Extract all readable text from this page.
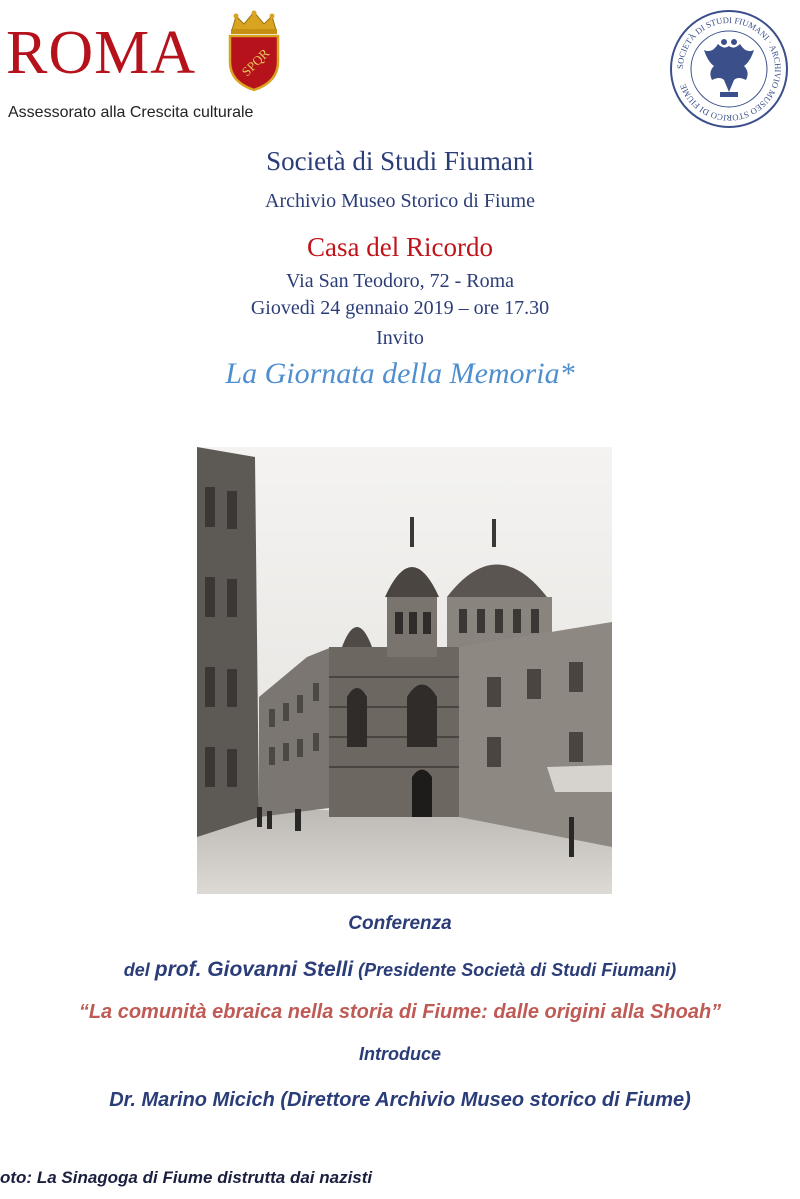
ROMA	SPQR
Assessorato alla Crescita culturale
SOCIETÀ DI STUDI FIUMANI · ARCHIVIO MUSEO STORICO DI FIUME
Società di Studi Fiumani
Archivio Museo Storico di Fiume
Casa del Ricordo
Via San Teodoro, 72 - Roma
Giovedì 24 gennaio 2019 – ore 17.30
Invito
La Giornata della Memoria*
Conferenza
del prof. Giovanni Stelli (Presidente Società di Studi Fiumani)
“La comunità ebraica nella storia di Fiume: dalle origini alla Shoah”
Introduce
Dr. Marino Micich (Direttore Archivio Museo storico di Fiume)
oto: La Sinagoga di Fiume distrutta dai nazisti
